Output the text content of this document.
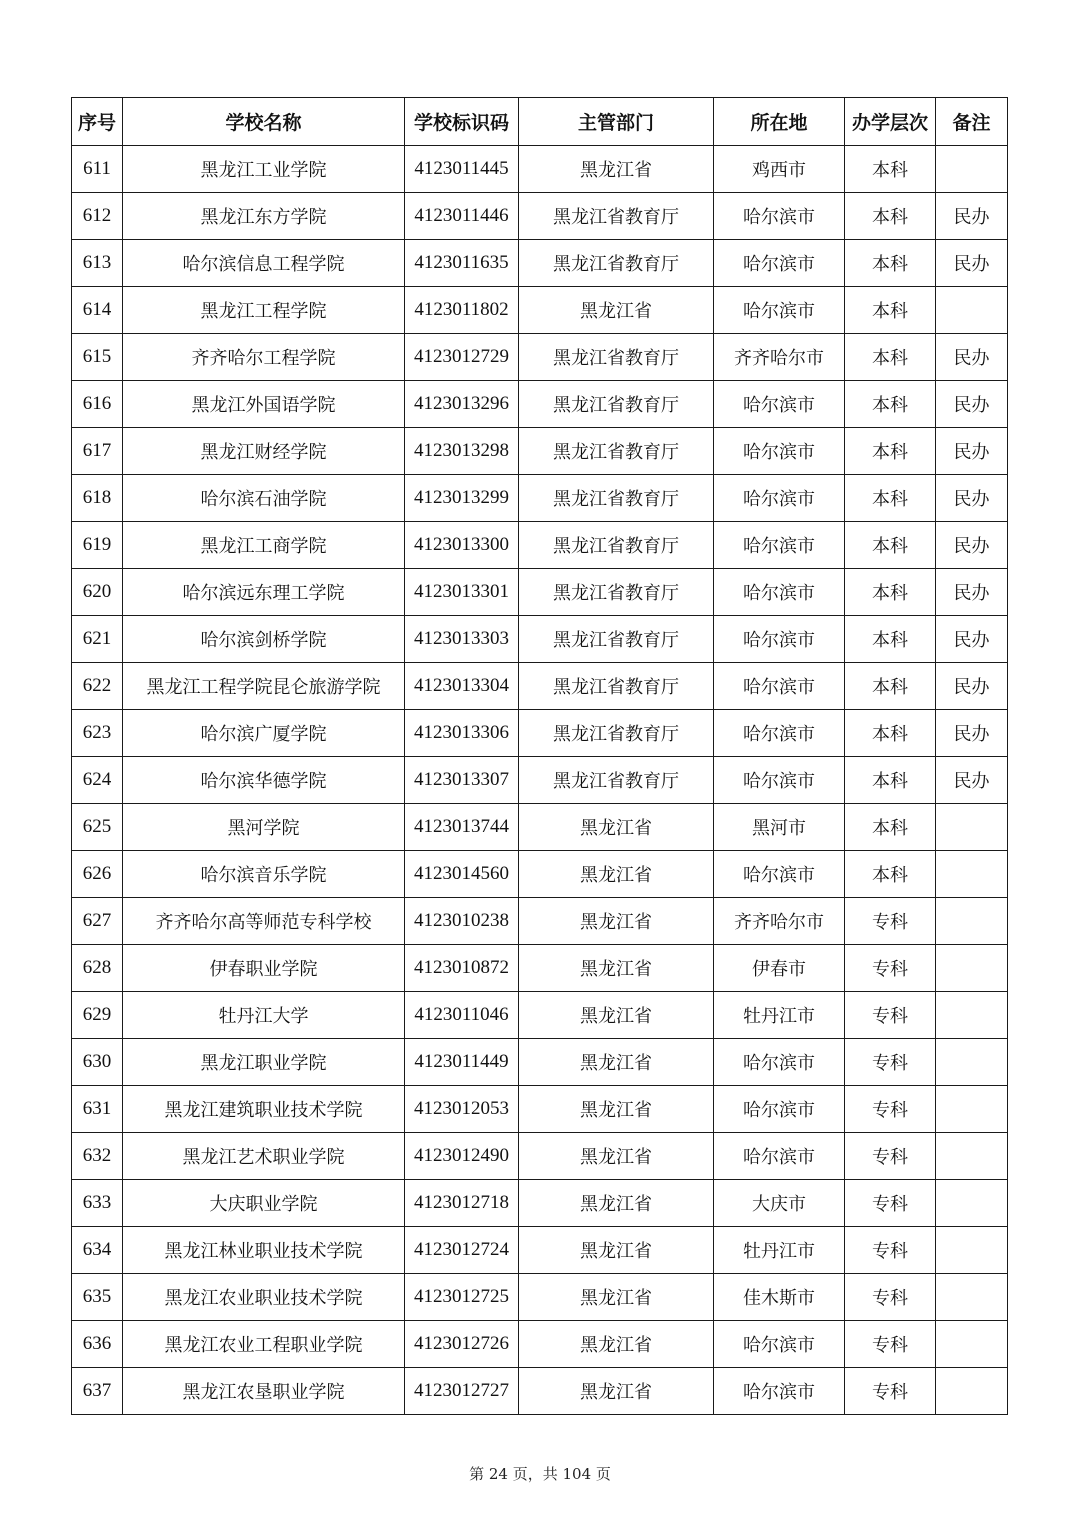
序号	学校名称	学校标识码	主管部门	所在地	办学层次	备注
611	黑龙江工业学院	4123011445	黑龙江省	鸡西市	本科	
612	黑龙江东方学院	4123011446	黑龙江省教育厅	哈尔滨市	本科	民办
613	哈尔滨信息工程学院	4123011635	黑龙江省教育厅	哈尔滨市	本科	民办
614	黑龙江工程学院	4123011802	黑龙江省	哈尔滨市	本科	
615	齐齐哈尔工程学院	4123012729	黑龙江省教育厅	齐齐哈尔市	本科	民办
616	黑龙江外国语学院	4123013296	黑龙江省教育厅	哈尔滨市	本科	民办
617	黑龙江财经学院	4123013298	黑龙江省教育厅	哈尔滨市	本科	民办
618	哈尔滨石油学院	4123013299	黑龙江省教育厅	哈尔滨市	本科	民办
619	黑龙江工商学院	4123013300	黑龙江省教育厅	哈尔滨市	本科	民办
620	哈尔滨远东理工学院	4123013301	黑龙江省教育厅	哈尔滨市	本科	民办
621	哈尔滨剑桥学院	4123013303	黑龙江省教育厅	哈尔滨市	本科	民办
622	黑龙江工程学院昆仑旅游学院	4123013304	黑龙江省教育厅	哈尔滨市	本科	民办
623	哈尔滨广厦学院	4123013306	黑龙江省教育厅	哈尔滨市	本科	民办
624	哈尔滨华德学院	4123013307	黑龙江省教育厅	哈尔滨市	本科	民办
625	黑河学院	4123013744	黑龙江省	黑河市	本科	
626	哈尔滨音乐学院	4123014560	黑龙江省	哈尔滨市	本科	
627	齐齐哈尔高等师范专科学校	4123010238	黑龙江省	齐齐哈尔市	专科	
628	伊春职业学院	4123010872	黑龙江省	伊春市	专科	
629	牡丹江大学	4123011046	黑龙江省	牡丹江市	专科	
630	黑龙江职业学院	4123011449	黑龙江省	哈尔滨市	专科	
631	黑龙江建筑职业技术学院	4123012053	黑龙江省	哈尔滨市	专科	
632	黑龙江艺术职业学院	4123012490	黑龙江省	哈尔滨市	专科	
633	大庆职业学院	4123012718	黑龙江省	大庆市	专科	
634	黑龙江林业职业技术学院	4123012724	黑龙江省	牡丹江市	专科	
635	黑龙江农业职业技术学院	4123012725	黑龙江省	佳木斯市	专科	
636	黑龙江农业工程职业学院	4123012726	黑龙江省	哈尔滨市	专科	
637	黑龙江农垦职业学院	4123012727	黑龙江省	哈尔滨市	专科	
第 24 页，共 104 页
